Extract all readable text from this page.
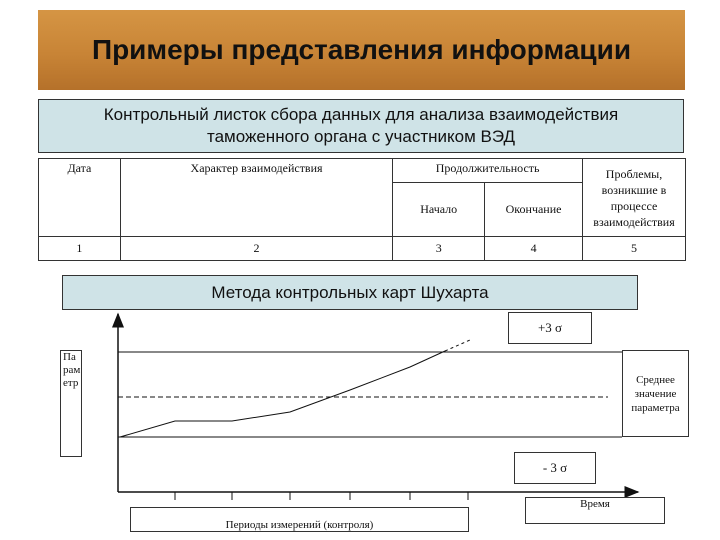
Примеры представления информации
Контрольный листок сбора данных для анализа взаимодействия
таможенного органа с участником ВЭД
Дата	Характер взаимодействия	Продолжительность		Проблемы, возникшие в процессе взаимодействия
		Начало	Окончание	
1	2	3	4	5
Метода контрольных карт Шухарта
+3 σ
Параметр	Среднее значение параметра
- 3 σ
Периоды измерений (контроля)
Время
